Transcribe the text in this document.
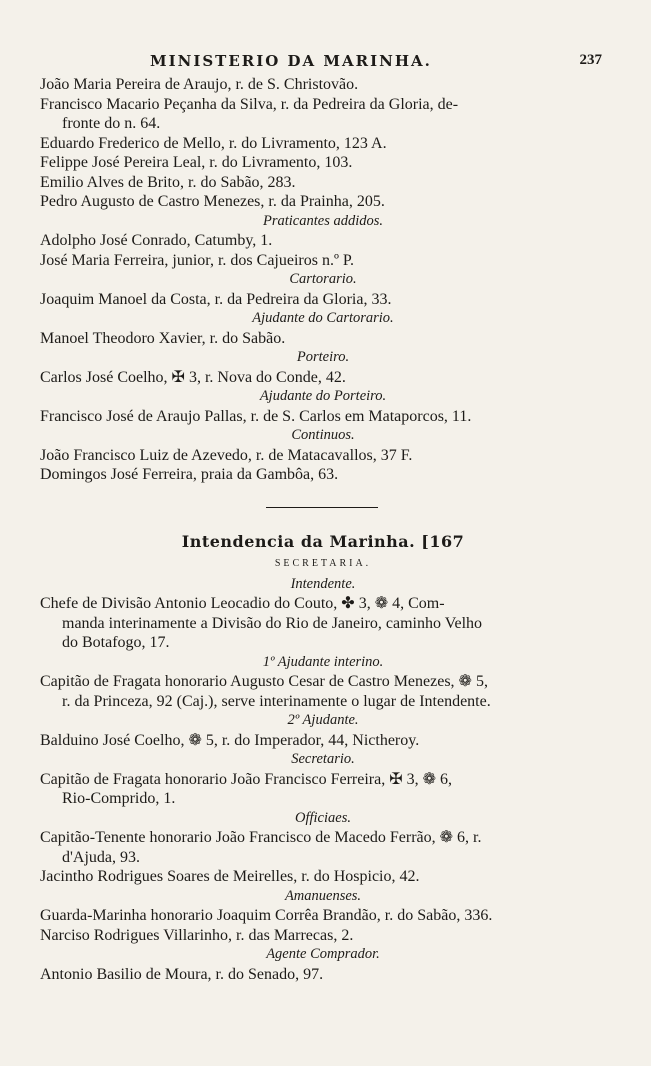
MINISTERIO DA MARINHA.	237

João Maria Pereira de Araujo, r. de S. Christovão.

Francisco Macario Peçanha da Silva, r. da Pedreira da Gloria, de-

fronte do n. 64.

Eduardo Frederico de Mello, r. do Livramento, 123 A.

Felippe José Pereira Leal, r. do Livramento, 103.

Emilio Alves de Brito, r. do Sabão, 283.

Pedro Augusto de Castro Menezes, r. da Prainha, 205.

Praticantes addidos.

Adolpho José Conrado, Catumby, 1.

José Maria Ferreira, junior, r. dos Cajueiros n.º P.

Cartorario.

Joaquim Manoel da Costa, r. da Pedreira da Gloria, 33.

Ajudante do Cartorario.

Manoel Theodoro Xavier, r. do Sabão.

Porteiro.

Carlos José Coelho, ✠ 3, r. Nova do Conde, 42.

Ajudante do Porteiro.

Francisco José de Araujo Pallas, r. de S. Carlos em Mataporcos, 11.

Continuos.

João Francisco Luiz de Azevedo, r. de Matacavallos, 37 F.

Domingos José Ferreira, praia da Gambôa, 63.

Intendencia da Marinha. [167

SECRETARIA.

Intendente.

Chefe de Divisão Antonio Leocadio do Couto, ✤ 3, ❁ 4, Com-

manda interinamente a Divisão do Rio de Janeiro, caminho Velho

do Botafogo, 17.

1º Ajudante interino.

Capitão de Fragata honorario Augusto Cesar de Castro Menezes, ❁ 5,

r. da Princeza, 92 (Caj.), serve interinamente o lugar de Intendente.

2º Ajudante.

Balduino José Coelho, ❁ 5, r. do Imperador, 44, Nictheroy.

Secretario.

Capitão de Fragata honorario João Francisco Ferreira, ✠ 3, ❁ 6,

Rio-Comprido, 1.

Officiaes.

Capitão-Tenente honorario João Francisco de Macedo Ferrão, ❁ 6, r.

d'Ajuda, 93.

Jacintho Rodrigues Soares de Meirelles, r. do Hospicio, 42.

Amanuenses.

Guarda-Marinha honorario Joaquim Corrêa Brandão, r. do Sabão, 336.

Narciso Rodrigues Villarinho, r. das Marrecas, 2.

Agente Comprador.

Antonio Basilio de Moura, r. do Senado, 97.
